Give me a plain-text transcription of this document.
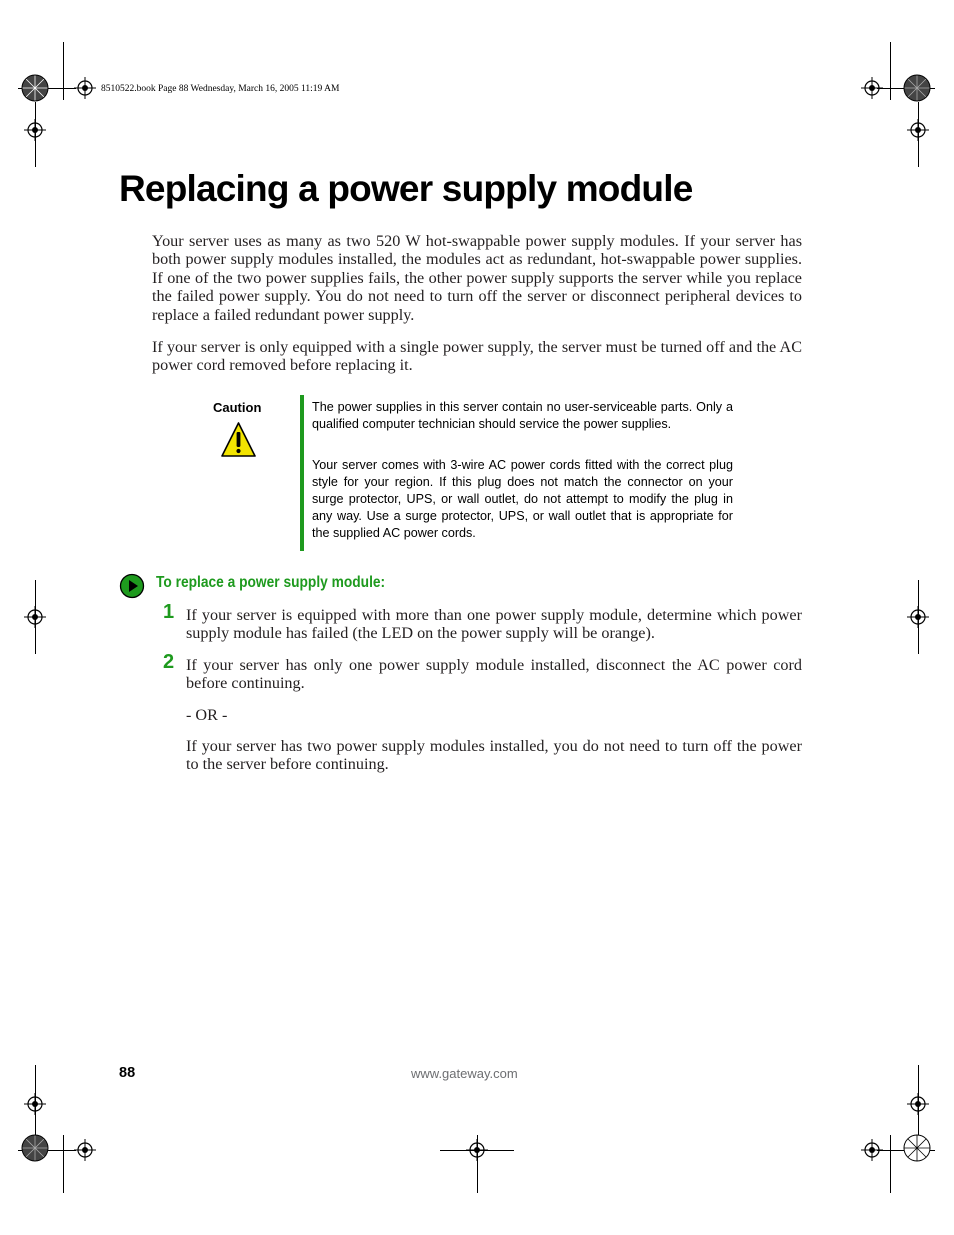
8510522.book Page 88 Wednesday, March 16, 2005 11:19 AM
Replacing a power supply module

Your server uses as many as two 520 W hot-swappable power supply modules. If your server has both power supply modules installed, the modules act as redundant, hot-swappable power supplies. If one of the two power supplies fails, the other power supply supports the server while you replace the failed power supply. You do not need to turn off the server or disconnect peripheral devices to replace a failed redundant power supply.

If your server is only equipped with a single power supply, the server must be turned off and the AC power cord removed before replacing it.

Caution	The power supplies in this server contain no user-serviceable parts. Only a qualified computer technician should service the power supplies.

Your server comes with 3-wire AC power cords fitted with the correct plug style for your region. If this plug does not match the connector on your surge protector, UPS, or wall outlet, do not attempt to modify the plug in any way. Use a surge protector, UPS, or wall outlet that is appropriate for the supplied AC power cords.

To replace a power supply module:
1 If your server is equipped with more than one power supply module, determine which power supply module has failed (the LED on the power supply will be orange).

2 If your server has only one power supply module installed, disconnect the AC power cord before continuing.

- OR -

If your server has two power supply modules installed, you do not need to turn off the power to the server before continuing.

88	www.gateway.com
